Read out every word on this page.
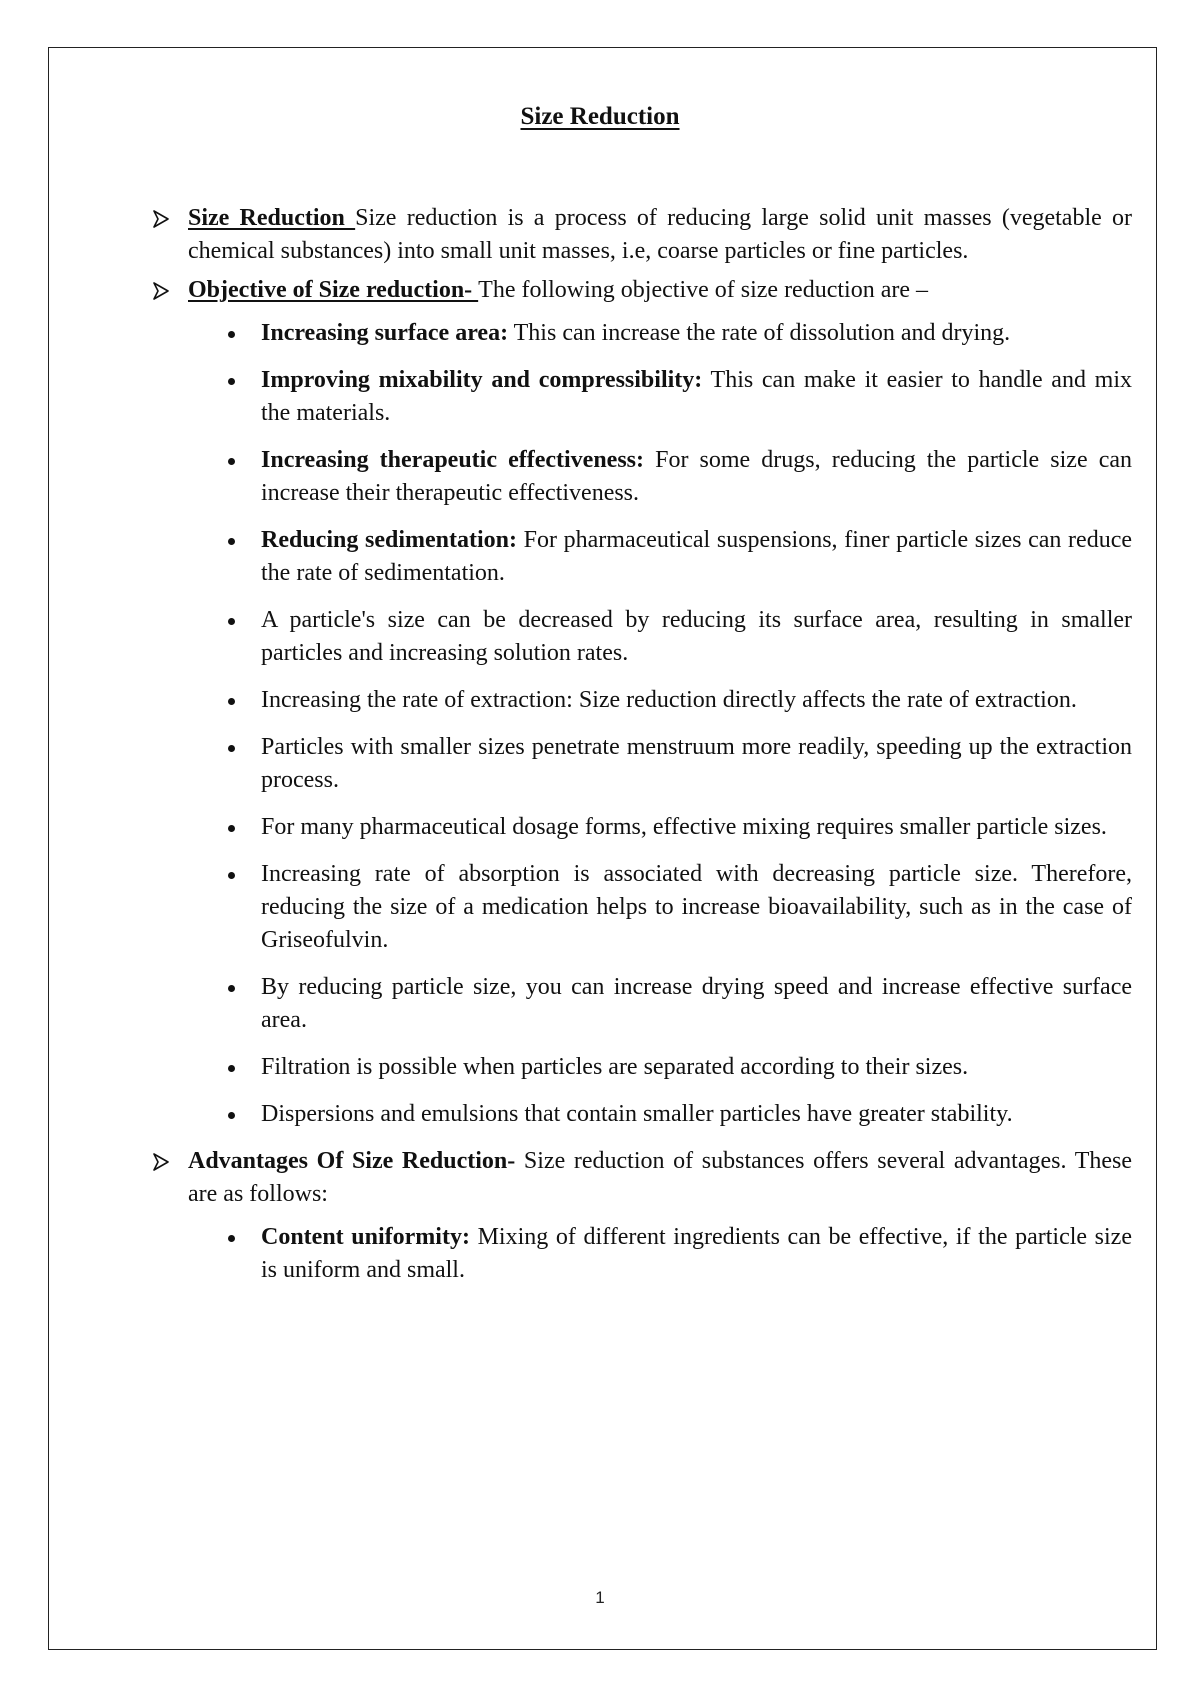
Size Reduction
Size Reduction Size reduction is a process of reducing large solid unit masses (vegetable or chemical substances) into small unit masses, i.e, coarse particles or fine particles.
Objective of Size reduction- The following objective of size reduction are –
Increasing surface area: This can increase the rate of dissolution and drying.
Improving mixability and compressibility: This can make it easier to handle and mix the materials.
Increasing therapeutic effectiveness: For some drugs, reducing the particle size can increase their therapeutic effectiveness.
Reducing sedimentation: For pharmaceutical suspensions, finer particle sizes can reduce the rate of sedimentation.
A particle's size can be decreased by reducing its surface area, resulting in smaller particles and increasing solution rates.
Increasing the rate of extraction: Size reduction directly affects the rate of extraction.
Particles with smaller sizes penetrate menstruum more readily, speeding up the extraction process.
For many pharmaceutical dosage forms, effective mixing requires smaller particle sizes.
Increasing rate of absorption is associated with decreasing particle size. Therefore, reducing the size of a medication helps to increase bioavailability, such as in the case of Griseofulvin.
By reducing particle size, you can increase drying speed and increase effective surface area.
Filtration is possible when particles are separated according to their sizes.
Dispersions and emulsions that contain smaller particles have greater stability.
Advantages Of Size Reduction- Size reduction of substances offers several advantages. These are as follows:
Content uniformity: Mixing of different ingredients can be effective, if the particle size is uniform and small.
1
